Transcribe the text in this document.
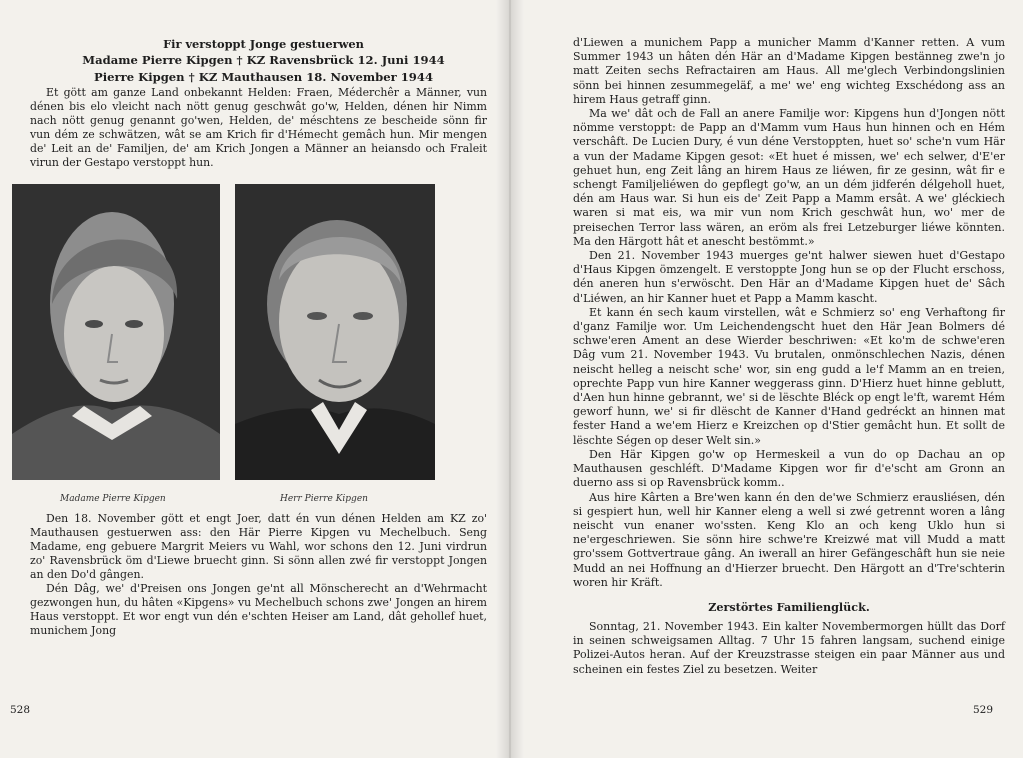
Fir verstoppt Jonge gestuerwen
Madame Pierre Kipgen † KZ Ravensbrück 12. Juni 1944
Pierre Kipgen † KZ Mauthausen 18. November 1944

Et gött am ganze Land onbekannt Helden: Fraen, Méderchêr a Männer, vun dénen bis elo vleicht nach nött genug geschwât go'w, Helden, dénen hir Nimm nach nött genug genannt go'wen, Helden, de' méschtens ze bescheide sönn fir vun dém ze schwätzen, wât se am Krich fir d'Hémecht gemâch hun. Mir mengen de' Leit an de' Familjen, de' am Krich Jongen a Männer an heiansdo och Fraleit virun der Gestapo verstoppt hun.

Madame Pierre Kipgen	Herr Pierre Kipgen

Den 18. November gött et engt Joer, datt én vun dénen Helden am KZ zo' Mauthausen gestuerwen ass: den Här Pierre Kipgen vu Mechelbuch. Seng Madame, eng gebuere Margrit Meiers vu Wahl, wor schons den 12. Juni virdrun zo' Ravensbrück öm d'Liewe bruecht ginn. Si sönn allen zwé fir verstoppt Jongen an den Do'd gângen.

Dén Dâg, we' d'Preisen ons Jongen ge'nt all Mönscherecht an d'Wehrmacht gezwongen hun, du hâten «Kipgens» vu Mechelbuch schons zwe' Jongen an hirem Haus verstoppt. Et wor engt vun dén e'schten Heiser am Land, dât gehollef huet, munichem Jong

528

d'Liewen a munichem Papp a municher Mamm d'Kanner retten. A vum Summer 1943 un hâten dén Här an d'Madame Kipgen bestänneg zwe'n jo matt Zeiten sechs Refractairen am Haus. All me'glech Verbindongslinien sönn bei hinnen zesummegeläf, a me' we' eng wichteg Exschédong ass an hirem Haus getraff ginn.

Ma we' dât och de Fall an anere Familje wor: Kipgens hun d'Jongen nött nömme verstoppt: de Papp an d'Mamm vum Haus hun hinnen och en Hém verschâft. De Lucien Dury, é vun déne Verstoppten, huet so' sche'n vum Här a vun der Madame Kipgen gesot: «Et huet é missen, we' ech selwer, d'E'er gehuet hun, eng Zeit lâng an hirem Haus ze liéwen, fir ze gesinn, wât fir e schengt Familjeliéwen do gepflegt go'w, an un dém jidferén délgeholl huet, dén am Haus war. Si hun eis de' Zeit Papp a Mamm ersât. A we' gléckiech waren si mat eis, wa mir vun nom Krich geschwât hun, wo' mer de preisechen Terror lass wären, an eröm als frei Letzeburger liéwe könnten. Ma den Härgott hât et anescht bestömmt.»

Den 21. November 1943 muerges ge'nt halwer siewen huet d'Gestapo d'Haus Kipgen ömzengelt. E verstoppte Jong hun se op der Flucht erschoss, dén aneren hun s'erwöscht. Den Här an d'Madame Kipgen huet de' Sâch d'Liéwen, an hir Kanner huet et Papp a Mamm kascht.

Et kann én sech kaum virstellen, wât e Schmierz so' eng Verhaftong fir d'ganz Familje wor. Um Leichendengscht huet den Här Jean Bolmers dé schwe'eren Ament an dese Wierder beschriwen: «Et ko'm de schwe'eren Dâg vum 21. November 1943. Vu brutalen, onmönschlechen Nazis, dénen neischt helleg a neischt sche' wor, sin eng gudd a le'f Mamm an en treien, oprechte Papp vun hire Kanner weggerass ginn. D'Hierz huet hinne geblutt, d'Aen hun hinne gebrannt, we' si de lëschte Bléck op engt le'ft, waremt Hém geworf hunn, we' si fir dlëscht de Kanner d'Hand gedréckt an hinnen mat fester Hand a we'em Hierz e Kreizchen op d'Stier gemâcht hun. Et sollt de lëschte Ségen op deser Welt sin.»

Den Här Kipgen go'w op Hermeskeil a vun do op Dachau an op Mauthausen geschléft. D'Madame Kipgen wor fir d'e'scht am Gronn an duerno ass si op Ravensbrück komm..

Aus hire Kârten a Bre'wen kann én den de'we Schmierz erausliésen, dén si gespiert hun, well hir Kanner eleng a well si zwé getrennt woren a lâng neischt vun enaner wo'ssten. Keng Klo an och keng Uklo hun si ne'ergeschriewen. Sie sönn hire schwe're Kreizwé mat vill Mudd a matt gro'ssem Gottvertraue gâng. An iwerall an hirer Gefängeschâft hun sie neie Mudd an nei Hoffnung an d'Hierzer bruecht. Den Härgott an d'Tre'schterin woren hir Kräft.

Zerstörtes Familienglück.

Sonntag, 21. November 1943. Ein kalter Novembermorgen hüllt das Dorf in seinen schweigsamen Alltag. 7 Uhr 15 fahren langsam, suchend einige Polizei-Autos heran. Auf der Kreuzstrasse steigen ein paar Männer aus und scheinen ein festes Ziel zu besetzen. Weiter

529
